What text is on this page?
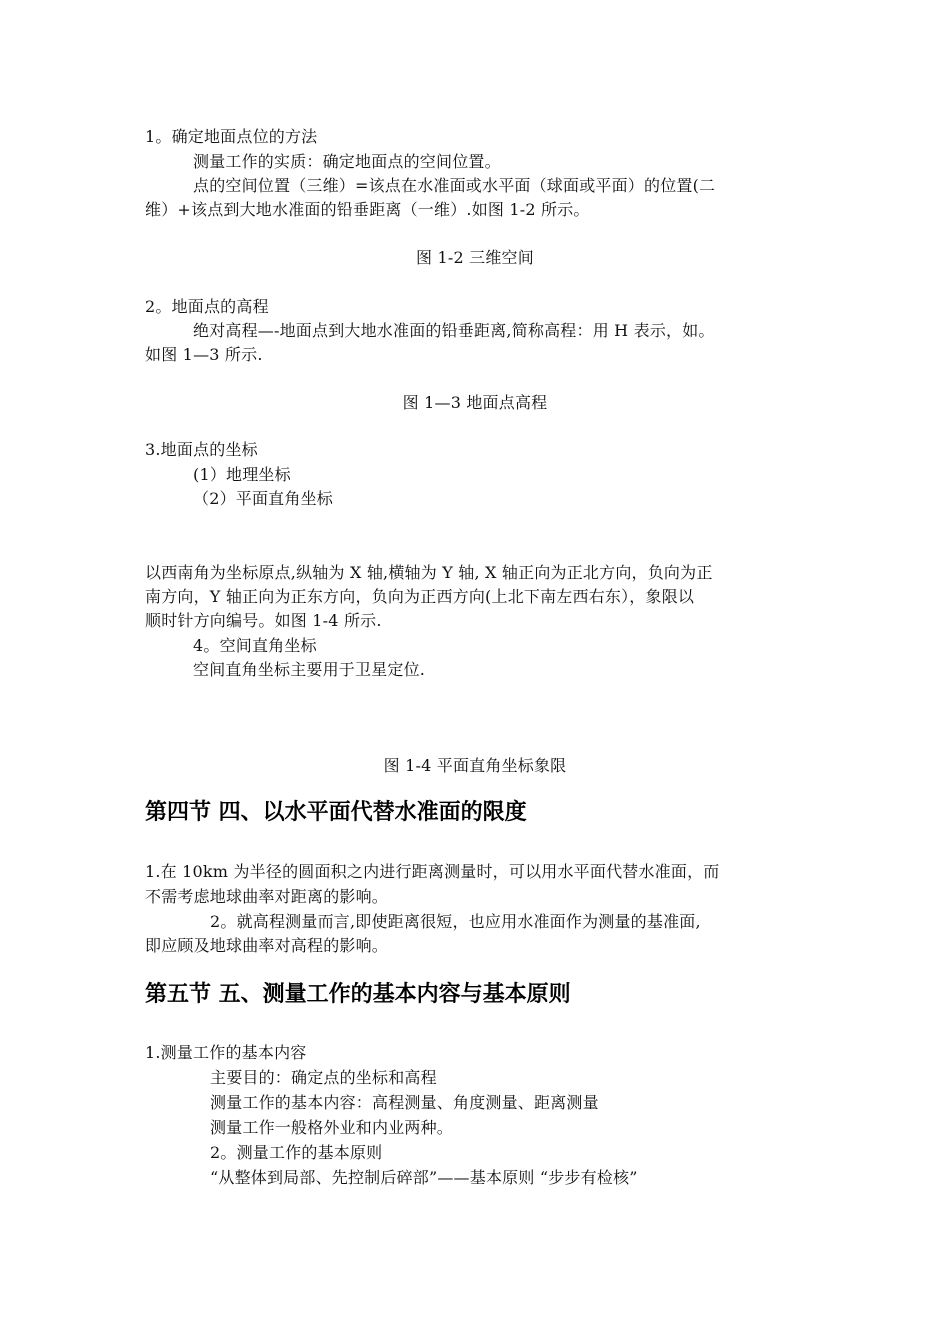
1。确定地面点位的方法
测量工作的实质：确定地面点的空间位置。
点的空间位置（三维）=该点在水准面或水平面（球面或平面）的位置(二
维）+该点到大地水准面的铅垂距离（一维）.如图 1-2 所示。
图 1-2 三维空间
2。地面点的高程
绝对高程—-地面点到大地水准面的铅垂距离,简称高程：用 H 表示，如。
如图 1—3 所示.
图 1—3 地面点高程
3.地面点的坐标
(1）地理坐标
（2）平面直角坐标
以西南角为坐标原点,纵轴为 X 轴,横轴为 Y 轴, X 轴正向为正北方向，负向为正
南方向，Y 轴正向为正东方向，负向为正西方向(上北下南左西右东），象限以
顺时针方向编号。如图 1-4 所示.
4。空间直角坐标
空间直角坐标主要用于卫星定位.
图 1-4 平面直角坐标象限
第四节 四、以水平面代替水准面的限度
1.在 10km 为半径的圆面积之内进行距离测量时，可以用水平面代替水准面，而
不需考虑地球曲率对距离的影响。
2。就高程测量而言,即使距离很短，也应用水准面作为测量的基准面,
即应顾及地球曲率对高程的影响。
第五节 五、测量工作的基本内容与基本原则
1.测量工作的基本内容
主要目的：确定点的坐标和高程
测量工作的基本内容：高程测量、角度测量、距离测量
测量工作一般格外业和内业两种。
2。测量工作的基本原则
“从整体到局部、先控制后碎部”——基本原则 “步步有检核”
